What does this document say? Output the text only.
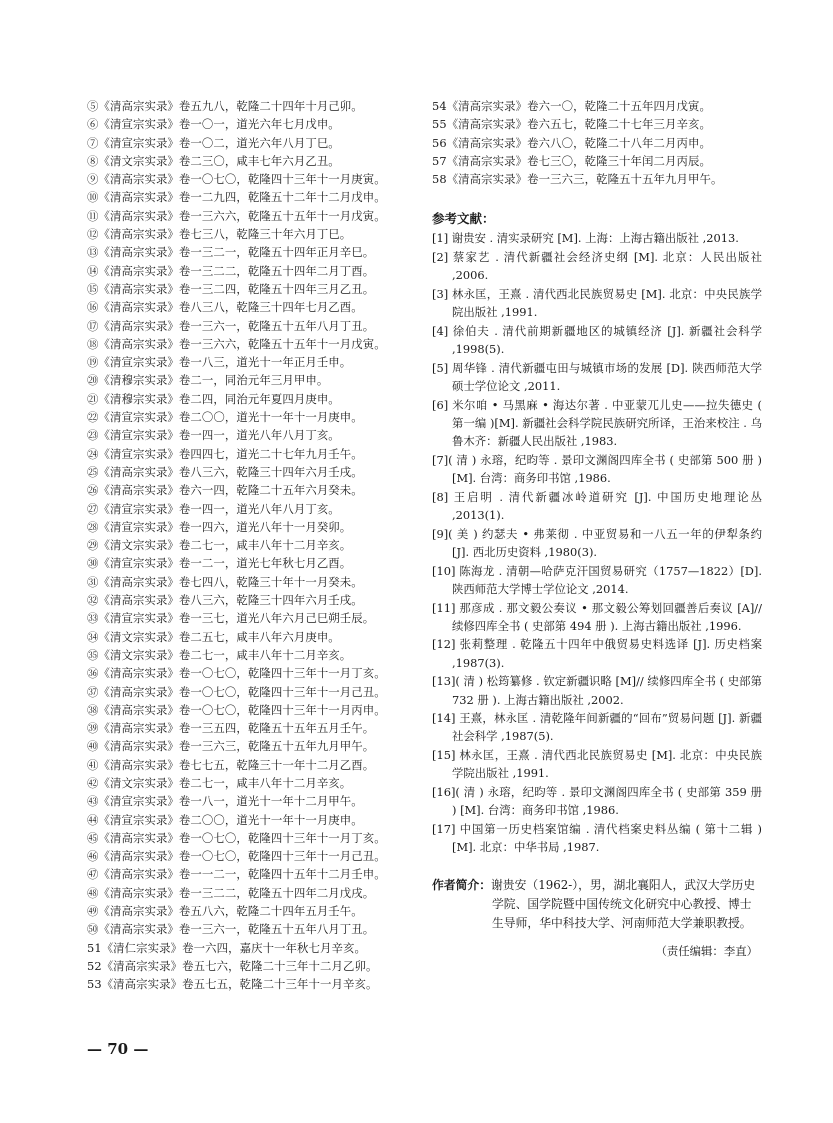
⑤《清高宗实录》卷五九八，乾隆二十四年十月己卯。
⑥《清宣宗实录》卷一〇一，道光六年七月戊申。
⑦《清宣宗实录》卷一〇二，道光六年八月丁巳。
⑧《清文宗实录》卷二三〇，咸丰七年六月乙丑。
⑨《清高宗实录》卷一〇七〇，乾隆四十三年十一月庚寅。
⑩《清高宗实录》卷一二九四，乾隆五十二年十二月戊申。
⑪《清高宗实录》卷一三六六，乾隆五十五年十一月戊寅。
⑫《清高宗实录》卷七三八，乾隆三十年六月丁巳。
⑬《清高宗实录》卷一三二一，乾隆五十四年正月辛巳。
⑭《清高宗实录》卷一三二二，乾隆五十四年二月丁酉。
⑮《清高宗实录》卷一三二四，乾隆五十四年三月乙丑。
⑯《清高宗实录》卷八三八，乾隆三十四年七月乙酉。
⑰《清高宗实录》卷一三六一，乾隆五十五年八月丁丑。
⑱《清高宗实录》卷一三六六，乾隆五十五年十一月戊寅。
⑲《清宣宗实录》卷一八三，道光十一年正月壬申。
⑳《清穆宗实录》卷二一，同治元年三月甲申。
㉑《清穆宗实录》卷二四，同治元年夏四月庚申。
㉒《清宣宗实录》卷二〇〇，道光十一年十一月庚申。
㉓《清宣宗实录》卷一四一，道光八年八月丁亥。
㉔《清宣宗实录》卷四四七，道光二十七年九月壬午。
㉕《清高宗实录》卷八三六，乾隆三十四年六月壬戌。
㉖《清高宗实录》卷六一四，乾隆二十五年六月癸未。
㉗《清宣宗实录》卷一四一，道光八年八月丁亥。
㉘《清宣宗实录》卷一四六，道光八年十一月癸卯。
㉙《清文宗实录》卷二七一，咸丰八年十二月辛亥。
㉚《清宣宗实录》卷一二一，道光七年秋七月乙酉。
㉛《清高宗实录》卷七四八，乾隆三十年十一月癸未。
㉜《清高宗实录》卷八三六，乾隆三十四年六月壬戌。
㉝《清宣宗实录》卷一三七，道光八年六月己巳朔壬辰。
㉞《清文宗实录》卷二五七，咸丰八年六月庚申。
㉟《清文宗实录》卷二七一，咸丰八年十二月辛亥。
㊱《清高宗实录》卷一〇七〇，乾隆四十三年十一月丁亥。
㊲《清高宗实录》卷一〇七〇，乾隆四十三年十一月己丑。
㊳《清高宗实录》卷一〇七〇，乾隆四十三年十一月丙申。
㊴《清高宗实录》卷一三五四，乾隆五十五年五月壬午。
㊵《清高宗实录》卷一三六三，乾隆五十五年九月甲午。
㊶《清高宗实录》卷七七五，乾隆三十一年十二月乙酉。
㊷《清文宗实录》卷二七一，咸丰八年十二月辛亥。
㊸《清宣宗实录》卷一八一，道光十一年十二月甲午。
㊹《清宣宗实录》卷二〇〇，道光十一年十一月庚申。
㊺《清高宗实录》卷一〇七〇，乾隆四十三年十一月丁亥。
㊻《清高宗实录》卷一〇七〇，乾隆四十三年十一月己丑。
㊼《清高宗实录》卷一一二一，乾隆四十五年十二月壬申。
㊽《清高宗实录》卷一三二二，乾隆五十四年二月戊戌。
㊾《清高宗实录》卷五八六，乾隆二十四年五月壬午。
㊿《清高宗实录》卷一三六一，乾隆五十五年八月丁丑。
51《清仁宗实录》卷一六四，嘉庆十一年秋七月辛亥。
52《清高宗实录》卷五七六，乾隆二十三年十二月乙卯。
53《清高宗实录》卷五七五，乾隆二十三年十一月辛亥。
54《清高宗实录》卷六一〇，乾隆二十五年四月戊寅。
55《清高宗实录》卷六五七，乾隆二十七年三月辛亥。
56《清高宗实录》卷六八〇，乾隆二十八年二月丙申。
57《清高宗实录》卷七三〇，乾隆三十年闰二月丙辰。
58《清高宗实录》卷一三六三，乾隆五十五年九月甲午。
参考文献：
[1] 谢贵安 . 清实录研究 [M]. 上海：上海古籍出版社 ,2013.
[2] 蔡家艺 . 清代新疆社会经济史纲 [M]. 北京：人民出版社 ,2006.
[3] 林永匡，王熹 . 清代西北民族贸易史 [M]. 北京：中央民族学院出版社 ,1991.
[4] 徐伯夫 . 清代前期新疆地区的城镇经济 [J]. 新疆社会科学 ,1998(5).
[5] 周华锋 . 清代新疆屯田与城镇市场的发展 [D]. 陕西师范大学硕士学位论文 ,2011.
[6] 米尔咱 • 马黑麻 • 海达尔著 . 中亚蒙兀儿史——拉失德史 ( 第一编 )[M]. 新疆社会科学院民族研究所译，王治来校注 . 乌鲁木齐：新疆人民出版社 ,1983.
[7]( 清 ) 永瑢，纪昀等 . 景印文渊阁四库全书 ( 史部第 500 册 ) [M]. 台湾：商务印书馆 ,1986.
[8] 王启明 . 清代新疆冰岭道研究 [J]. 中国历史地理论丛 ,2013(1).
[9]( 美 ) 约瑟夫 • 弗莱彻 . 中亚贸易和一八五一年的伊犁条约 [J]. 西北历史资料 ,1980(3).
[10] 陈海龙 . 清朝—哈萨克汗国贸易研究（1757—1822）[D]. 陕西师范大学博士学位论文 ,2014.
[11] 那彦成 . 那文毅公奏议 • 那文毅公筹划回疆善后奏议 [A]// 续修四库全书 ( 史部第 494 册 ). 上海古籍出版社 ,1996.
[12] 张莉整理 . 乾隆五十四年中俄贸易史料选译 [J]. 历史档案 ,1987(3).
[13]( 清 ) 松筠纂修 . 钦定新疆识略 [M]// 续修四库全书 ( 史部第 732 册 ). 上海古籍出版社 ,2002.
[14] 王熹，林永匡 . 清乾隆年间新疆的“回布”贸易问题 [J]. 新疆社会科学 ,1987(5).
[15] 林永匡，王熹 . 清代西北民族贸易史 [M]. 北京：中央民族学院出版社 ,1991.
[16]( 清 ) 永瑢，纪昀等 . 景印文渊阁四库全书 ( 史部第 359 册 ) [M]. 台湾：商务印书馆 ,1986.
[17] 中国第一历史档案馆编 . 清代档案史料丛编 ( 第十二辑 ) [M]. 北京：中华书局 ,1987.
作者简介：谢贵安（1962-），男，湖北襄阳人，武汉大学历史学院、国学院暨中国传统文化研究中心教授、博士生导师，华中科技大学、河南师范大学兼职教授。
（责任编辑：李直）
— 70 —
